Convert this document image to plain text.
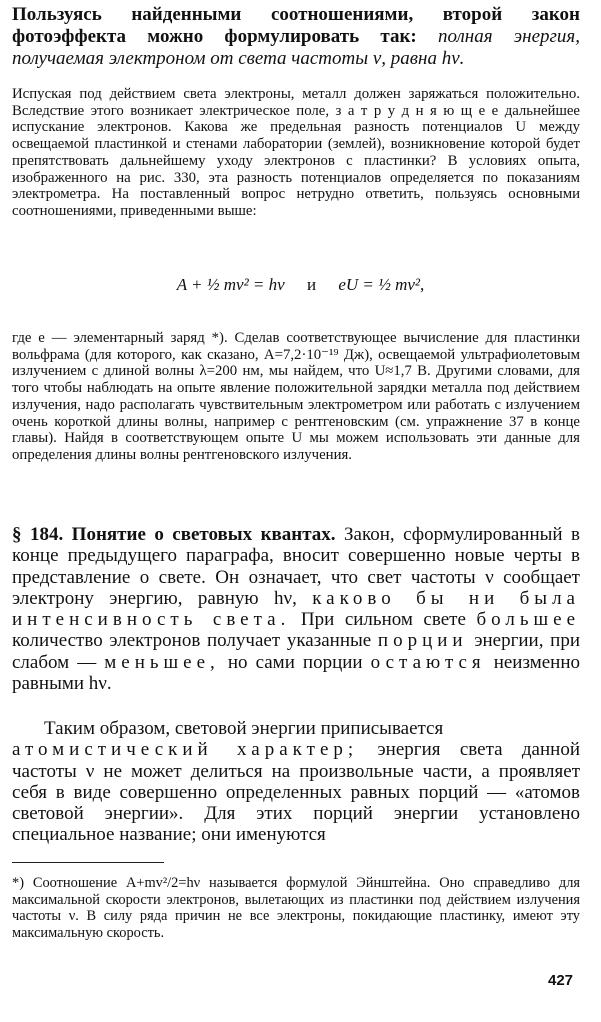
Пользуясь найденными соотношениями, второй закон фотоэффекта можно формулировать так: полная энергия, получаемая электроном от света частоты ν, равна hν.
Испуская под действием света электроны, металл должен заряжаться положительно. Вследствие этого возникает электрическое поле, з а т р у д н я ю щ е е дальнейшее испускание электронов. Какова же предельная разность потенциалов U между освещаемой пластинкой и стенами лаборатории (землей), возникновение которой будет препятствовать дальнейшему уходу электронов с пластинки? В условиях опыта, изображенного на рис. 330, эта разность потенциалов определяется по показаниям электрометра. На поставленный вопрос нетрудно ответить, пользуясь основными соотношениями, приведенными выше:
A + ½ mv² = hν и eU = ½ mv²,
где e — элементарный заряд *). Сделав соответствующее вычисление для пластинки вольфрама (для которого, как сказано, A=7,2·10⁻¹⁹ Дж), освещаемой ультрафиолетовым излучением с длиной волны λ=200 нм, мы найдем, что U≈1,7 В. Другими словами, для того чтобы наблюдать на опыте явление положительной зарядки металла под действием излучения, надо располагать чувствительным электрометром или работать с излучением очень короткой длины волны, например с рентгеновским (см. упражнение 37 в конце главы). Найдя в соответствующем опыте U мы можем использовать эти данные для определения длины волны рентгеновского излучения.
§ 184. Понятие о световых квантах. Закон, сформулированный в конце предыдущего параграфа, вносит совершенно новые черты в представление о свете. Он означает, что свет частоты ν сообщает электрону энергию, равную hν, каково бы ни была интенсивность света. При сильном свете большее количество электронов получает указанные порции энергии, при слабом — меньшее, но сами порции остаются неизменно равными hν.
Таким образом, световой энергии приписывается атомистический характер; энергия света данной частоты ν не может делиться на произвольные части, а проявляет себя в виде совершенно определенных равных порций — «атомов световой энергии». Для этих порций энергии установлено специальное название; они именуются
*) Соотношение A+mv²/2=hν называется формулой Эйнштейна. Оно справедливо для максимальной скорости электронов, вылетающих из пластинки под действием излучения частоты ν. В силу ряда причин не все электроны, покидающие пластинку, имеют эту максимальную скорость.
427
